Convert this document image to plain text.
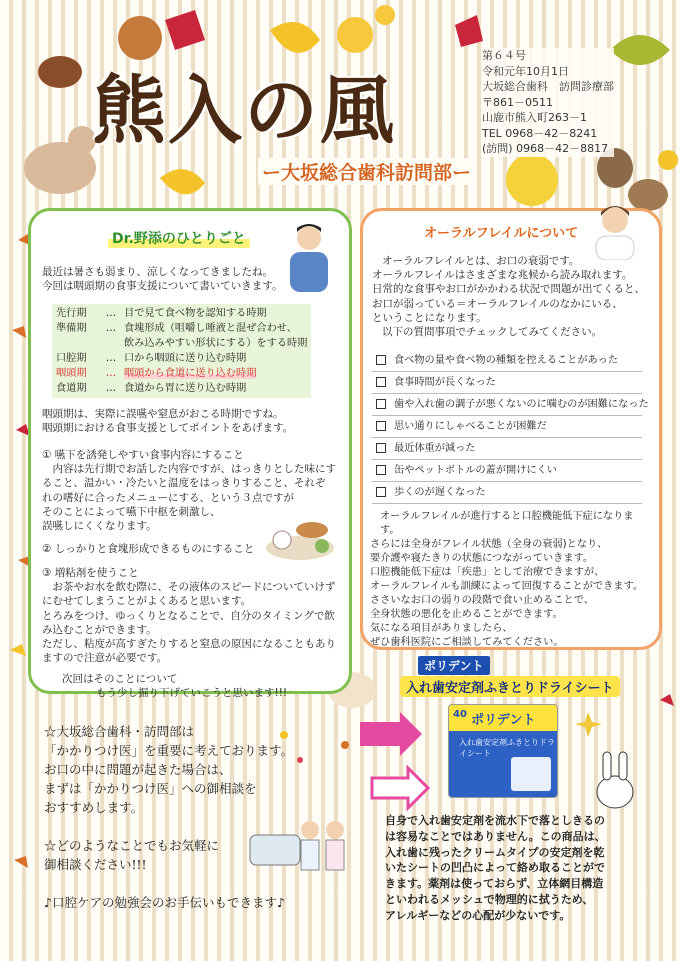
熊入の風
ー大坂総合歯科訪問部ー
第６４号
令和元年10月1日
大坂総合歯科　訪問診療部
〒861－0511
山鹿市熊入町263－1
TEL 0968－42－8241
(訪問) 0968－42－8817
Dr.野添のひとりごと
最近は暑さも弱まり、涼しくなってきましたね。
今回は咽頭期の食事支援について書いていきます。
先行期 … 目で見て食べ物を認知する時期
準備期 … 食塊形成（咀嚼し唾液と混ぜ合わせ、
飲み込みやすい形状にする）をする時期
口腔期 … 口から咽頭に送り込む時期
咽頭期 … 咽頭から食道に送り込む時期
食道期 … 食道から胃に送り込む時期
咽頭期は、実際に誤嚥や窒息がおこる時期ですね。
咽頭期における食事支援としてポイントをあげます。
① 嚥下を誘発しやすい食事内容にすること
　内容は先行期でお話した内容ですが、はっきりとした味にす
ること、温かい・冷たいと温度をはっきりすること、それぞ
れの嗜好に合ったメニューにする、という３点ですが
そのことによって嚥下中枢を刺激し、
誤嚥しにくくなります。
② しっかりと食塊形成できるものにすること
③ 増粘剤を使うこと
　お茶やお水を飲む際に、その液体のスピードについていけず
にむせてしまうことがよくあると思います。
とろみをつけ、ゆっくりとなることで、自分のタイミングで飲
み込むことができます。
ただし、粘度が高すぎたりすると窒息の原因になることもあり
ますので注意が必要です。
次回はそのことについて
もう少し掘り下げていこうと思います!!!
オーラルフレイルについて
オーラルフレイルとは、お口の衰弱です。
オーラルフレイルはさまざまな兆候から読み取れます。
日常的な食事やお口がかかわる状況で問題が出てくると、
お口が弱っている＝オーラルフレイルのなかにいる、
ということになります。
以下の質問事項でチェックしてみてください。
食べ物の量や食べ物の種類を控えることがあった
食事時間が長くなった
歯や入れ歯の調子が悪くないのに噛むのが困難になった
思い通りにしゃべることが困難だ
最近体重が減った
缶やペットボトルの蓋が開けにくい
歩くのが遅くなった
オーラルフレイルが進行すると口腔機能低下症になります。
さらには全身がフレイル状態（全身の衰弱)となり、
要介護や寝たきりの状態につながっていきます。
口腔機能低下症は「疾患」として治療できますが、
オーラルフレイルも訓練によって回復することができます。
ささいなお口の弱りの段階で食い止めることで、
全身状態の悪化を止めることができます。
気になる項目がありましたら、
ぜひ歯科医院にご相談してみてください。
ポリデント
入れ歯安定剤ふきとりドライシート
40 ポリデント
入れ歯安定剤ふきとりドライシート
自身で入れ歯安定剤を流水下で落としきるの
は容易なことではありません。この商品は、
入れ歯に残ったクリームタイプの安定剤を乾
いたシートの凹凸によって絡め取ることがで
きます。薬剤は使っておらず、立体網目構造
といわれるメッシュで物理的に拭うため、
アレルギーなどの心配が少ないです。
☆大坂総合歯科・訪問部は
「かかりつけ医」を重要に考えております。
お口の中に問題が起きた場合は、
まずは「かかりつけ医」への御相談を
おすすめします。
☆どのようなことでもお気軽に
御相談ください!!!
♪口腔ケアの勉強会のお手伝いもできます♪
